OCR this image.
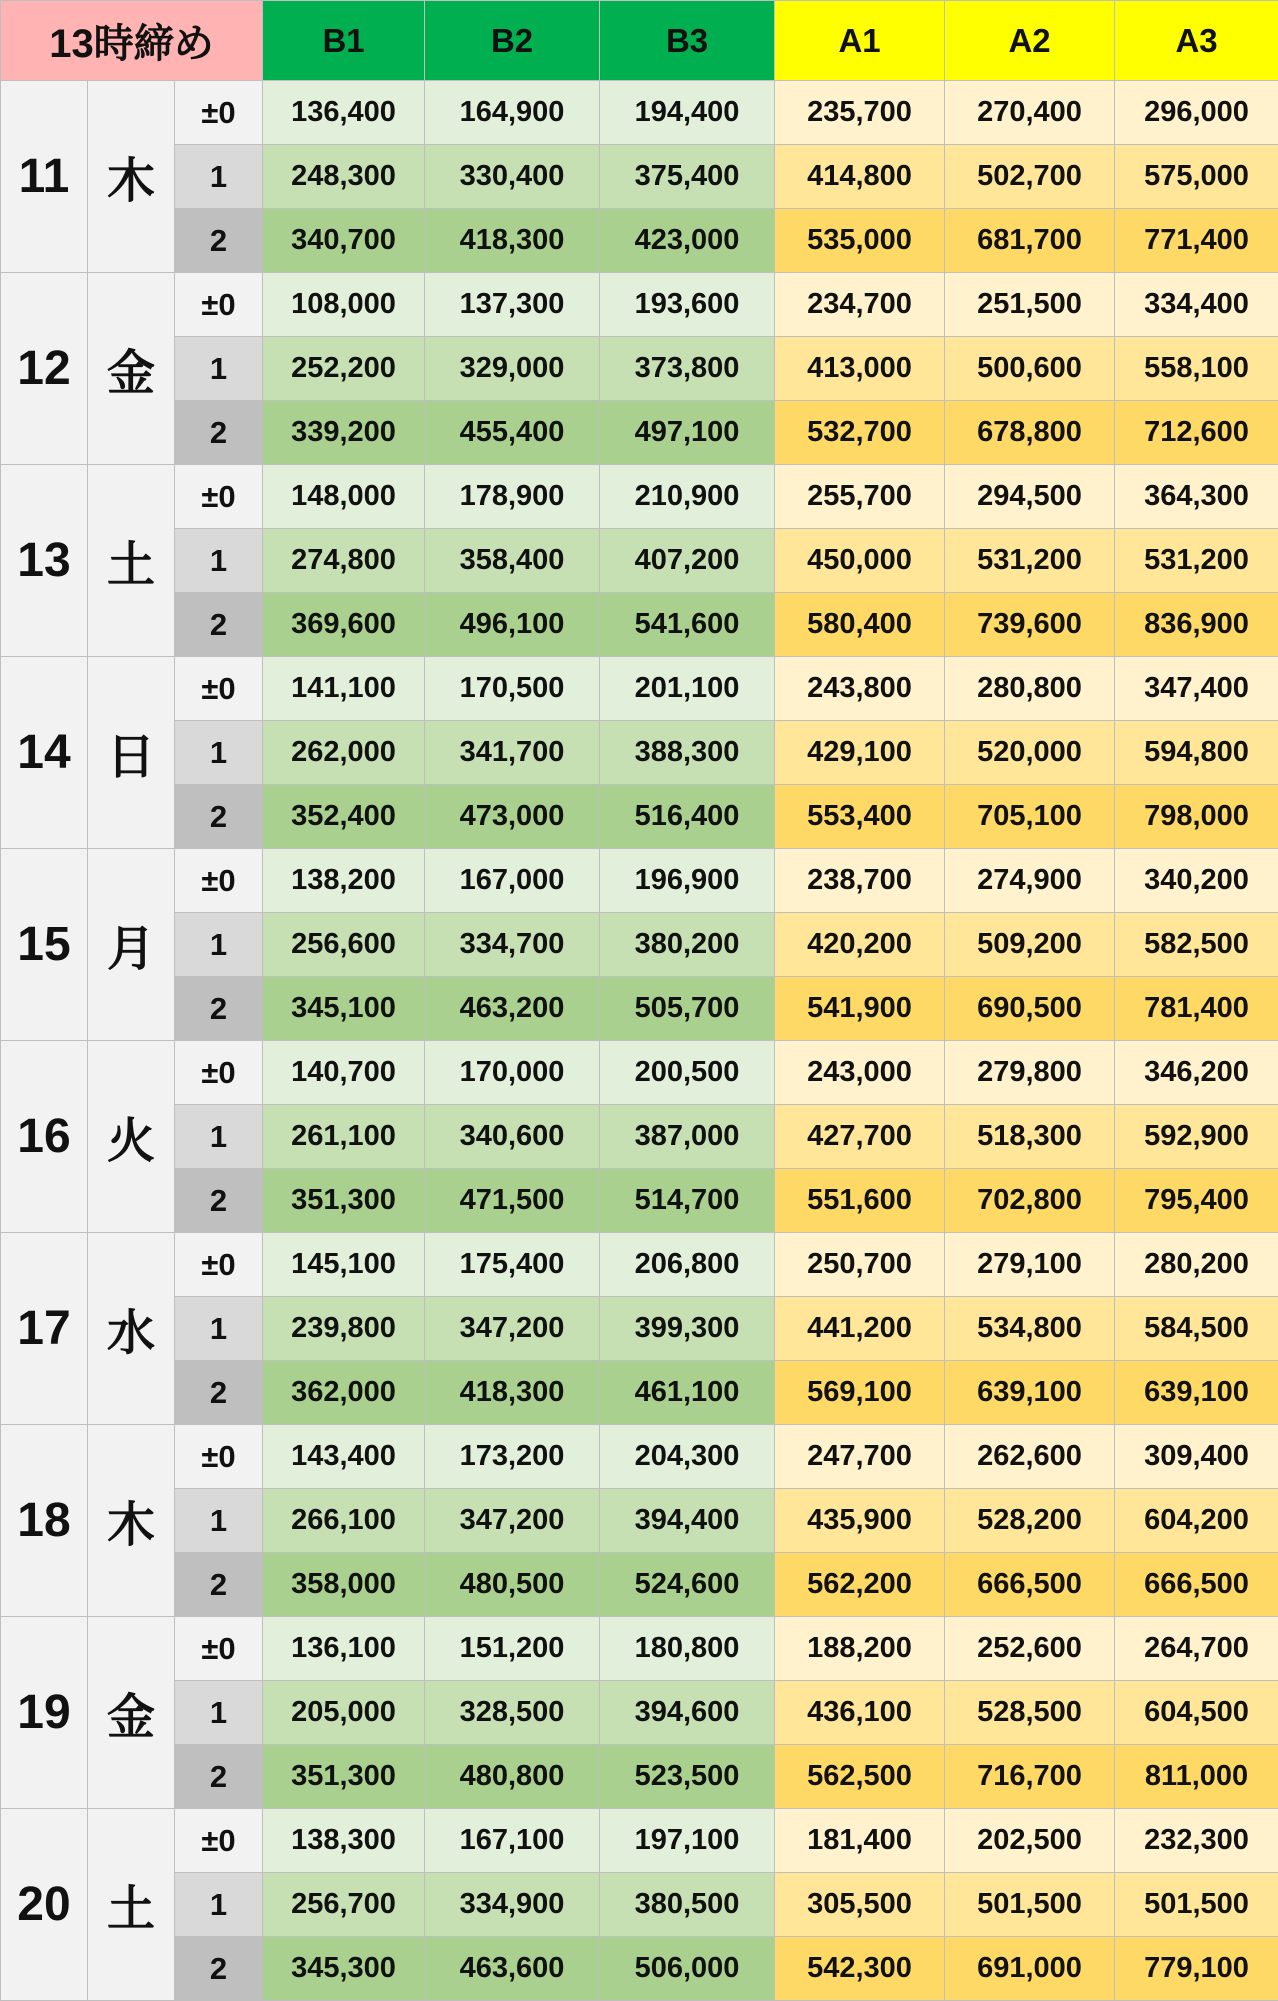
13時締め			B1	B2	B3	A1	A2	A3
11	木	±0	136,400	164,900	194,400	235,700	270,400	296,000
		1	248,300	330,400	375,400	414,800	502,700	575,000
		2	340,700	418,300	423,000	535,000	681,700	771,400
12	金	±0	108,000	137,300	193,600	234,700	251,500	334,400
		1	252,200	329,000	373,800	413,000	500,600	558,100
		2	339,200	455,400	497,100	532,700	678,800	712,600
13	土	±0	148,000	178,900	210,900	255,700	294,500	364,300
		1	274,800	358,400	407,200	450,000	531,200	531,200
		2	369,600	496,100	541,600	580,400	739,600	836,900
14	日	±0	141,100	170,500	201,100	243,800	280,800	347,400
		1	262,000	341,700	388,300	429,100	520,000	594,800
		2	352,400	473,000	516,400	553,400	705,100	798,000
15	月	±0	138,200	167,000	196,900	238,700	274,900	340,200
		1	256,600	334,700	380,200	420,200	509,200	582,500
		2	345,100	463,200	505,700	541,900	690,500	781,400
16	火	±0	140,700	170,000	200,500	243,000	279,800	346,200
		1	261,100	340,600	387,000	427,700	518,300	592,900
		2	351,300	471,500	514,700	551,600	702,800	795,400
17	水	±0	145,100	175,400	206,800	250,700	279,100	280,200
		1	239,800	347,200	399,300	441,200	534,800	584,500
		2	362,000	418,300	461,100	569,100	639,100	639,100
18	木	±0	143,400	173,200	204,300	247,700	262,600	309,400
		1	266,100	347,200	394,400	435,900	528,200	604,200
		2	358,000	480,500	524,600	562,200	666,500	666,500
19	金	±0	136,100	151,200	180,800	188,200	252,600	264,700
		1	205,000	328,500	394,600	436,100	528,500	604,500
		2	351,300	480,800	523,500	562,500	716,700	811,000
20	土	±0	138,300	167,100	197,100	181,400	202,500	232,300
		1	256,700	334,900	380,500	305,500	501,500	501,500
		2	345,300	463,600	506,000	542,300	691,000	779,100
